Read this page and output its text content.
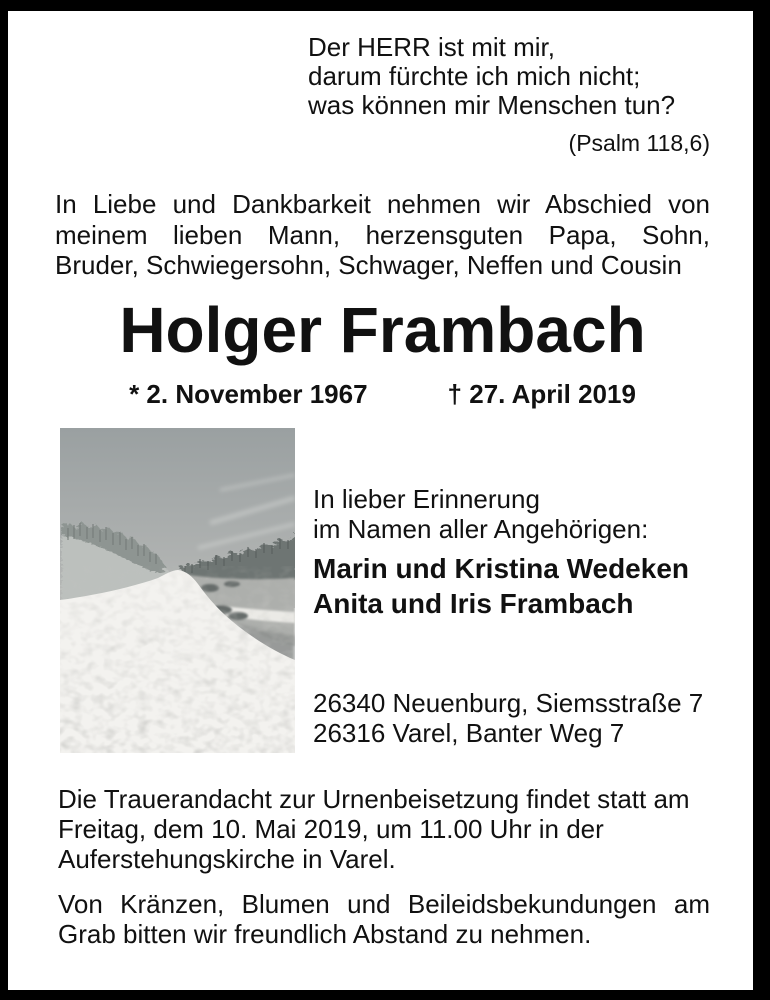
Der HERR ist mit mir,
darum fürchte ich mich nicht;
was können mir Menschen tun?
(Psalm 118,6)
In Liebe und Dankbarkeit nehmen wir Abschied von
meinem lieben Mann, herzensguten Papa, Sohn,
Bruder, Schwiegersohn, Schwager, Neffen und Cousin
Holger Frambach
* 2. November 1967	† 27. April 2019
In lieber Erinnerung
im Namen aller Angehörigen:
Marin und Kristina Wedeken
Anita und Iris Frambach
26340 Neuenburg, Siemsstraße 7
26316 Varel, Banter Weg 7
Die Trauerandacht zur Urnenbeisetzung findet statt am
Freitag, dem 10. Mai 2019, um 11.00 Uhr in der
Auferstehungskirche in Varel.
Von Kränzen, Blumen und Beileidsbekundungen am
Grab bitten wir freundlich Abstand zu nehmen.
